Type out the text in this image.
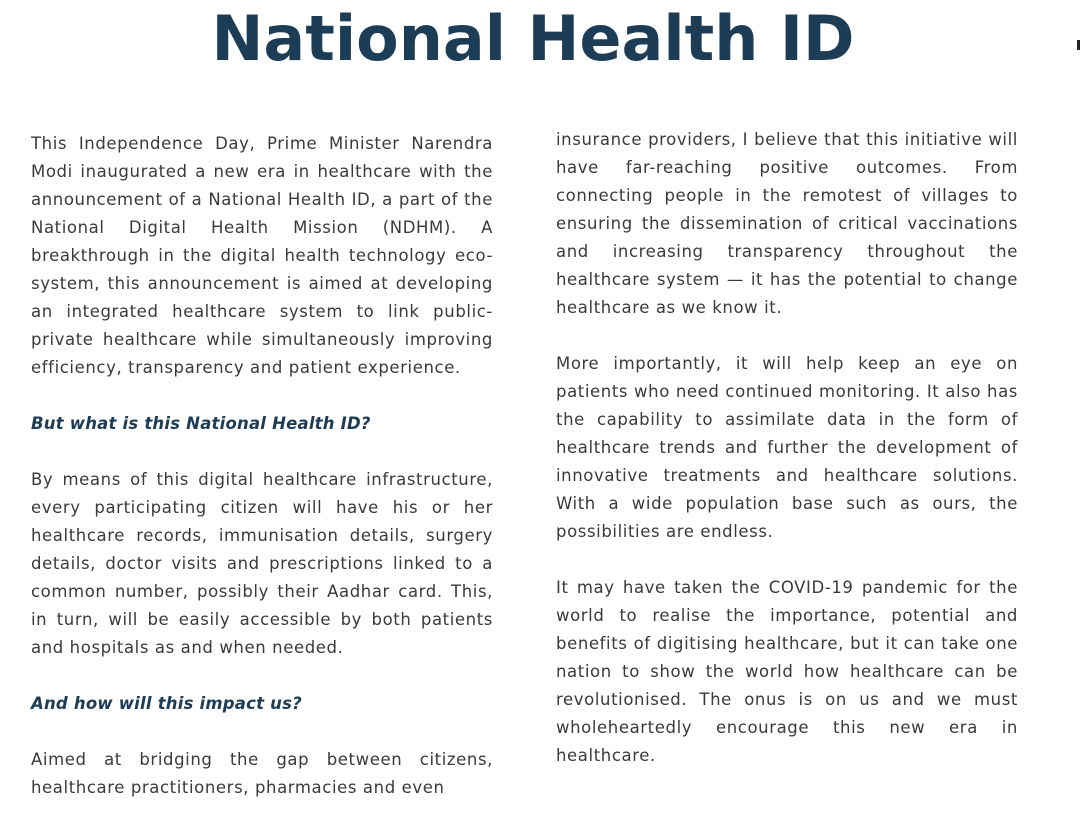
National Health ID

This Independence Day, Prime Minister Narendra Modi inaugurated a new era in healthcare with the announcement of a National Health ID, a part of the National Digital Health Mission (NDHM). A breakthrough in the digital health technology eco-system, this announcement is aimed at developing an integrated healthcare system to link public-private healthcare while simultaneously improving efficiency, transparency and patient experience.

But what is this National Health ID?

By means of this digital healthcare infrastructure, every participating citizen will have his or her healthcare records, immunisation details, surgery details, doctor visits and prescriptions linked to a common number, possibly their Aadhar card. This, in turn, will be easily accessible by both patients and hospitals as and when needed.

And how will this impact us?

Aimed at bridging the gap between citizens, healthcare practitioners, pharmacies and even

insurance providers, I believe that this initiative will have far-reaching positive outcomes. From connecting people in the remotest of villages to ensuring the dissemination of critical vaccinations and increasing transparency throughout the healthcare system — it has the potential to change healthcare as we know it.

More importantly, it will help keep an eye on patients who need continued monitoring. It also has the capability to assimilate data in the form of healthcare trends and further the development of innovative treatments and healthcare solutions. With a wide population base such as ours, the possibilities are endless.

It may have taken the COVID-19 pandemic for the world to realise the importance, potential and benefits of digitising healthcare, but it can take one nation to show the world how healthcare can be revolutionised. The onus is on us and we must wholeheartedly encourage this new era in healthcare.
